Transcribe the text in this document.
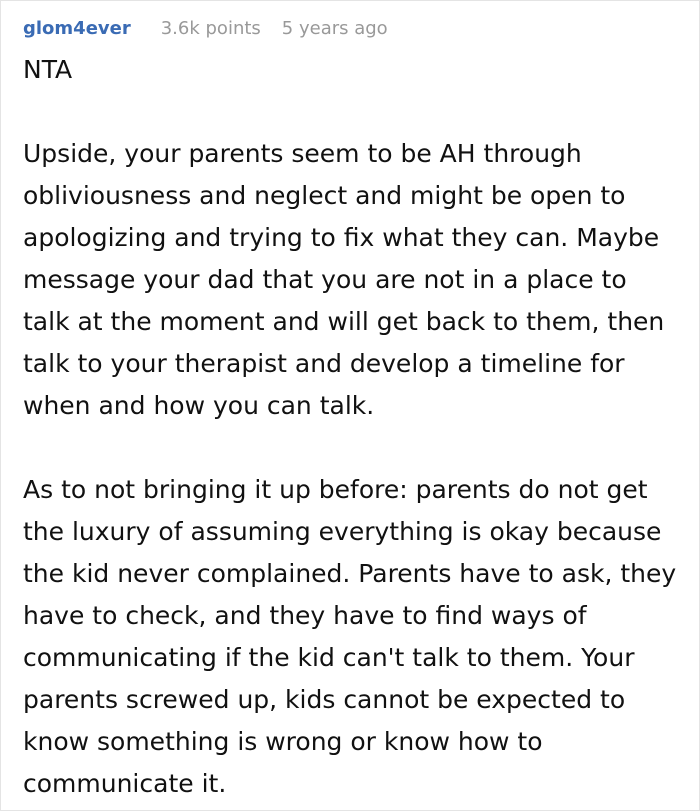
glom4ever 3.6k points 5 years ago

NTA

Upside, your parents seem to be AH through obliviousness and neglect and might be open to apologizing and trying to fix what they can. Maybe message your dad that you are not in a place to talk at the moment and will get back to them, then talk to your therapist and develop a timeline for when and how you can talk.

As to not bringing it up before: parents do not get the luxury of assuming everything is okay because the kid never complained. Parents have to ask, they have to check, and they have to find ways of communicating if the kid can't talk to them. Your parents screwed up, kids cannot be expected to know something is wrong or know how to communicate it.
